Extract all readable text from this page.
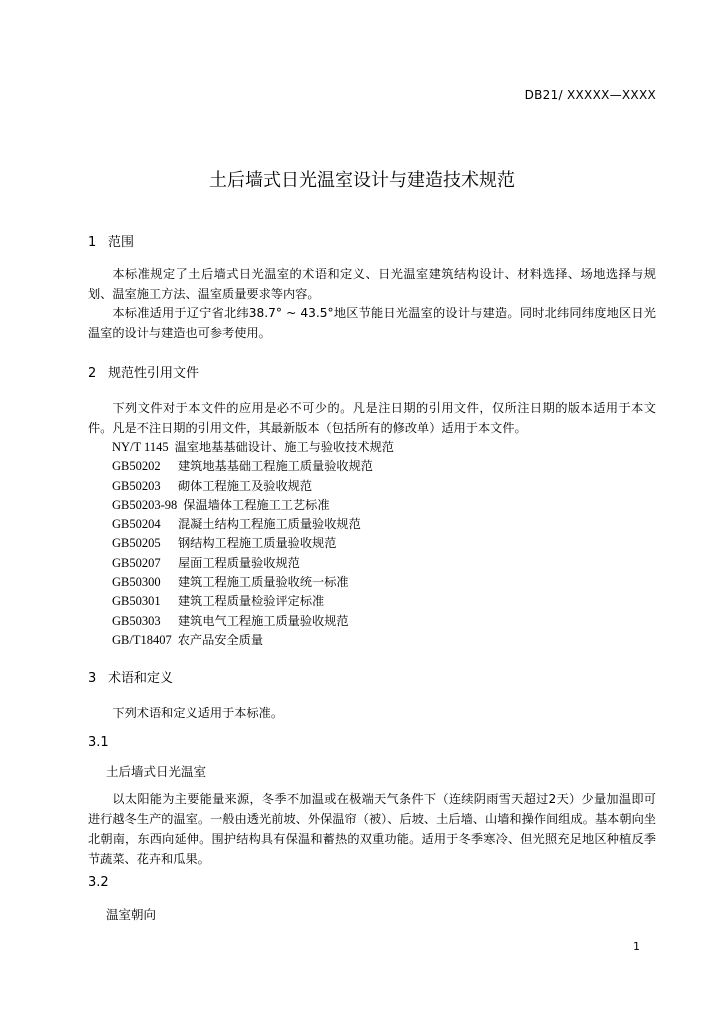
DB21/ XXXXX—XXXX
土后墙式日光温室设计与建造技术规范
1 范围
本标准规定了土后墙式日光温室的术语和定义、日光温室建筑结构设计、材料选择、场地选择与规划、温室施工方法、温室质量要求等内容。
本标准适用于辽宁省北纬38.7° ~ 43.5°地区节能日光温室的设计与建造。同时北纬同纬度地区日光温室的设计与建造也可参考使用。
2 规范性引用文件
下列文件对于本文件的应用是必不可少的。凡是注日期的引用文件，仅所注日期的版本适用于本文件。凡是不注日期的引用文件，其最新版本（包括所有的修改单）适用于本文件。
NY/T 1145 温室地基基础设计、施工与验收技术规范
GB50202 建筑地基基础工程施工质量验收规范
GB50203 砌体工程施工及验收规范
GB50203-98 保温墙体工程施工工艺标准
GB50204 混凝土结构工程施工质量验收规范
GB50205 钢结构工程施工质量验收规范
GB50207 屋面工程质量验收规范
GB50300 建筑工程施工质量验收统一标准
GB50301 建筑工程质量检验评定标准
GB50303 建筑电气工程施工质量验收规范
GB/T18407 农产品安全质量
3 术语和定义
下列术语和定义适用于本标准。
3.1
土后墙式日光温室
以太阳能为主要能量来源，冬季不加温或在极端天气条件下（连续阴雨雪天超过2天）少量加温即可进行越冬生产的温室。一般由透光前坡、外保温帘（被）、后坡、土后墙、山墙和操作间组成。基本朝向坐北朝南，东西向延伸。围护结构具有保温和蓄热的双重功能。适用于冬季寒冷、但光照充足地区种植反季节蔬菜、花卉和瓜果。
3.2
温室朝向
1
